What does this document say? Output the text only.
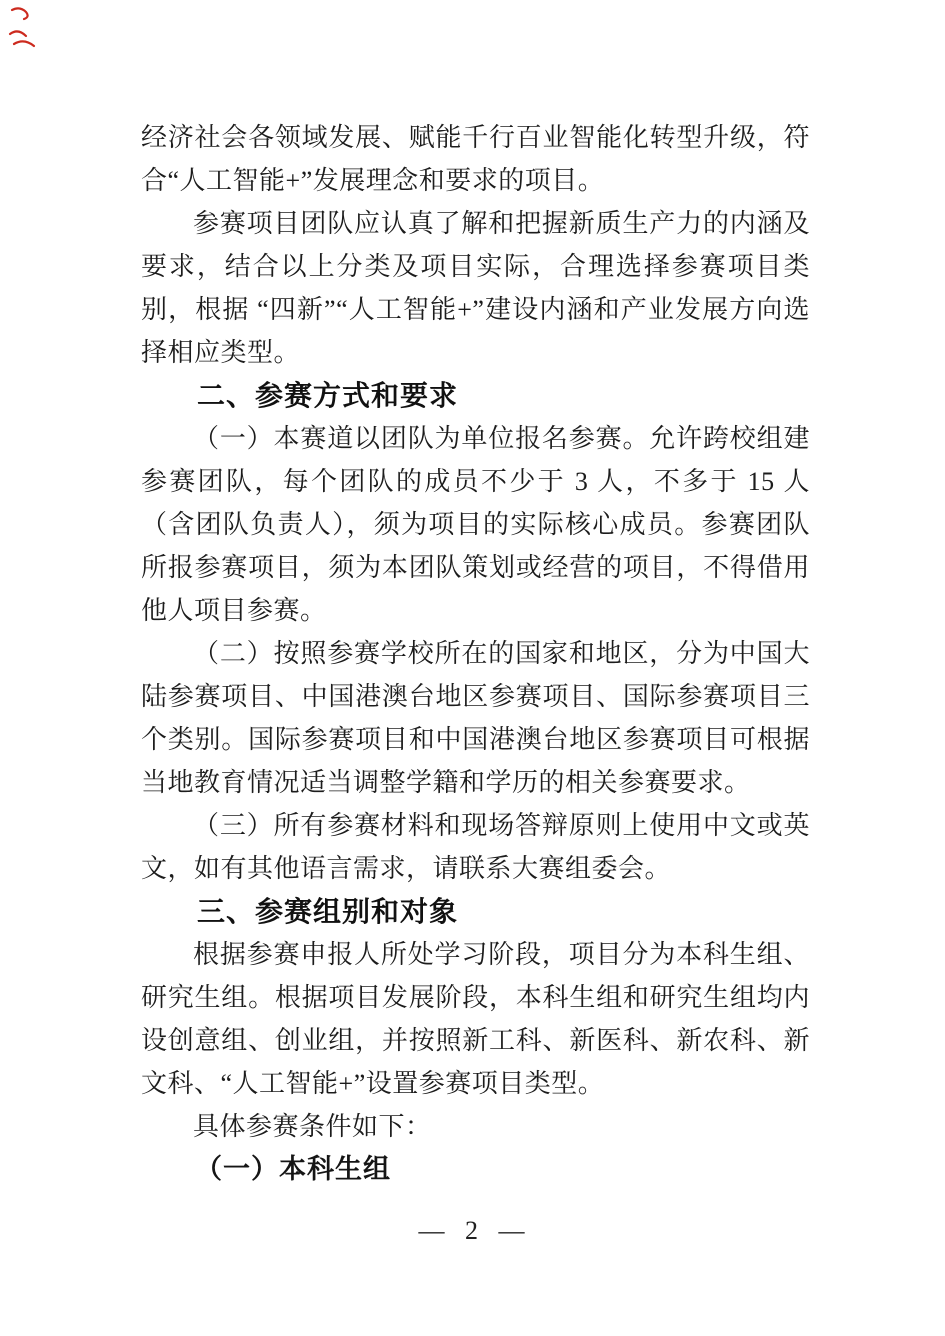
经济社会各领域发展、赋能千行百业智能化转型升级，符合“人工智能+”发展理念和要求的项目。

参赛项目团队应认真了解和把握新质生产力的内涵及要求，结合以上分类及项目实际，合理选择参赛项目类别，根据 “四新”“人工智能+”建设内涵和产业发展方向选择相应类型。

二、参赛方式和要求

（一）本赛道以团队为单位报名参赛。允许跨校组建参赛团队，每个团队的成员不少于 3 人，不多于 15 人（含团队负责人），须为项目的实际核心成员。参赛团队所报参赛项目，须为本团队策划或经营的项目，不得借用他人项目参赛。

（二）按照参赛学校所在的国家和地区，分为中国大陆参赛项目、中国港澳台地区参赛项目、国际参赛项目三个类别。国际参赛项目和中国港澳台地区参赛项目可根据当地教育情况适当调整学籍和学历的相关参赛要求。

（三）所有参赛材料和现场答辩原则上使用中文或英文，如有其他语言需求，请联系大赛组委会。

三、参赛组别和对象

根据参赛申报人所处学习阶段，项目分为本科生组、研究生组。根据项目发展阶段，本科生组和研究生组均内设创意组、创业组，并按照新工科、新医科、新农科、新文科、“人工智能+”设置参赛项目类型。

具体参赛条件如下：

（一）本科生组

— 2 —
